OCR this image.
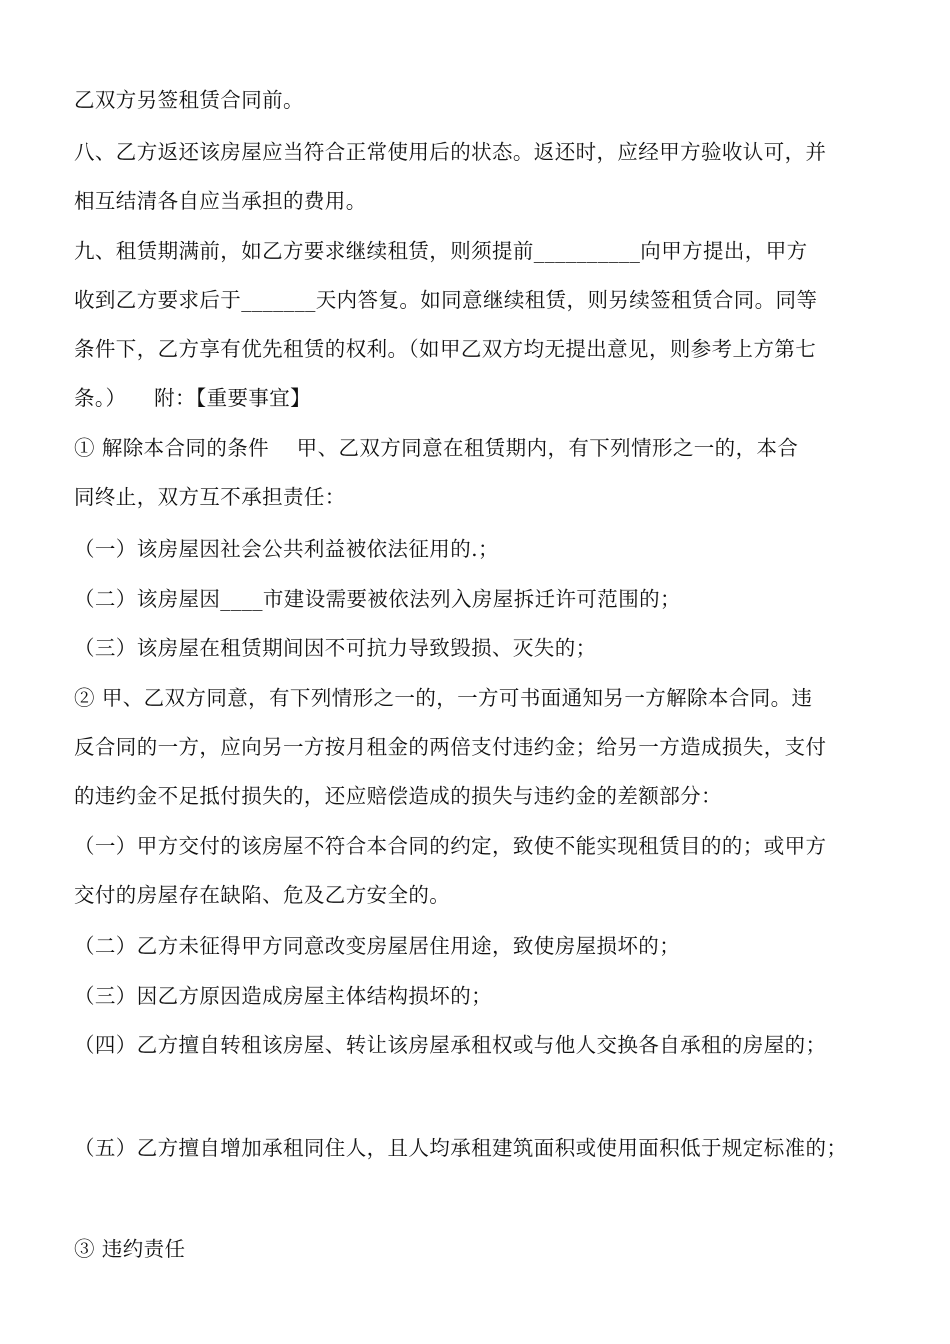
乙双方另签租赁合同前。
八、乙方返还该房屋应当符合正常使用后的状态。返还时，应经甲方验收认可，并
相互结清各自应当承担的费用。
九、租赁期满前，如乙方要求继续租赁，则须提前__________向甲方提出，甲方
收到乙方要求后于_______天内答复。如同意继续租赁，则另续签租赁合同。同等
条件下，乙方享有优先租赁的权利。（如甲乙双方均无提出意见，则参考上方第七
条。）    附：【重要事宜】
① 解除本合同的条件    甲、乙双方同意在租赁期内，有下列情形之一的，本合
同终止，双方互不承担责任：
（一）该房屋因社会公共利益被依法征用的.；
（二）该房屋因____市建设需要被依法列入房屋拆迁许可范围的；
（三）该房屋在租赁期间因不可抗力导致毁损、灭失的；
② 甲、乙双方同意，有下列情形之一的，一方可书面通知另一方解除本合同。违
反合同的一方，应向另一方按月租金的两倍支付违约金；给另一方造成损失，支付
的违约金不足抵付损失的，还应赔偿造成的损失与违约金的差额部分：
（一）甲方交付的该房屋不符合本合同的约定，致使不能实现租赁目的的；或甲方
交付的房屋存在缺陷、危及乙方安全的。
（二）乙方未征得甲方同意改变房屋居住用途，致使房屋损坏的；
（三）因乙方原因造成房屋主体结构损坏的；
（四）乙方擅自转租该房屋、转让该房屋承租权或与他人交换各自承租的房屋的；
（五）乙方擅自增加承租同住人，且人均承租建筑面积或使用面积低于规定标准的；
③ 违约责任
